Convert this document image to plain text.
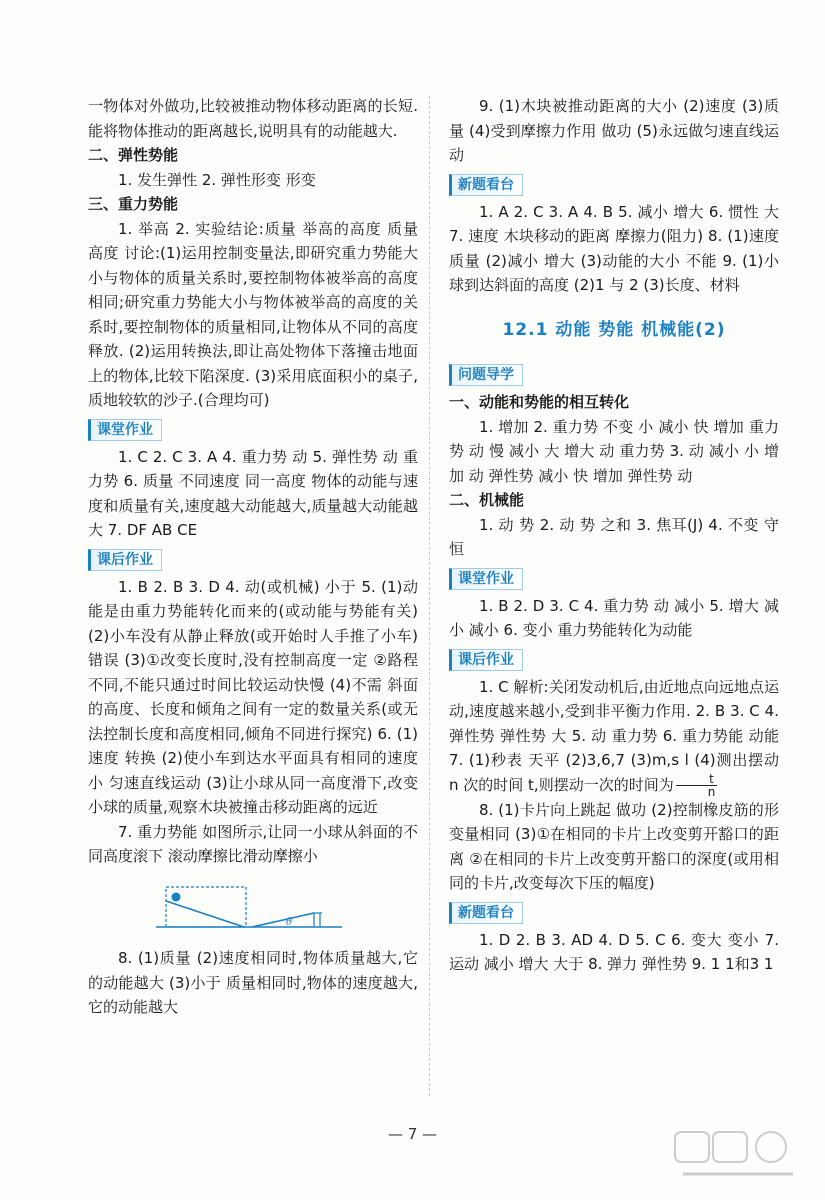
一物体对外做功,比较被推动物体移动距离的长短.能将物体推动的距离越长,说明具有的动能越大.

二、弹性势能

1. 发生弹性 2. 弹性形变 形变

三、重力势能

1. 举高 2. 实验结论:质量 举高的高度 质量 高度 讨论:(1)运用控制变量法,即研究重力势能大小与物体的质量关系时,要控制物体被举高的高度相同;研究重力势能大小与物体被举高的高度的关系时,要控制物体的质量相同,让物体从不同的高度释放. (2)运用转换法,即让高处物体下落撞击地面上的物体,比较下陷深度. (3)采用底面积小的桌子,质地较软的沙子.(合理均可)

课堂作业

1. C 2. C 3. A 4. 重力势 动 5. 弹性势 动 重力势 6. 质量 不同速度 同一高度 物体的动能与速度和质量有关,速度越大动能越大,质量越大动能越大 7. DF AB CE

课后作业

1. B 2. B 3. D 4. 动(或机械) 小于 5. (1)动能是由重力势能转化而来的(或动能与势能有关) (2)小车没有从静止释放(或开始时人手推了小车) 错误 (3)①改变长度时,没有控制高度一定 ②路程不同,不能只通过时间比较运动快慢 (4)不需 斜面的高度、长度和倾角之间有一定的数量关系(或无法控制长度和高度相同,倾角不同进行探究) 6. (1)速度 转换 (2)使小车到达水平面具有相同的速度 小 匀速直线运动 (3)让小球从同一高度滑下,改变小球的质量,观察木块被撞击移动距离的远近

7. 重力势能 如图所示,让同一小球从斜面的不同高度滚下 滚动摩擦比滑动摩擦小

θ

8. (1)质量 (2)速度相同时,物体质量越大,它的动能越大 (3)小于 质量相同时,物体的速度越大,它的动能越大

9. (1)木块被推动距离的大小 (2)速度 (3)质量 (4)受到摩擦力作用 做功 (5)永远做匀速直线运动

新题看台

1. A 2. C 3. A 4. B 5. 减小 增大 6. 惯性 大 7. 速度 木块移动的距离 摩擦力(阻力) 8. (1)速度 质量 (2)减小 增大 (3)动能的大小 不能 9. (1)小球到达斜面的高度 (2)1 与 2 (3)长度、材料

12.1 动能 势能 机械能(2)
问题导学

一、动能和势能的相互转化

1. 增加 2. 重力势 不变 小 减小 快 增加 重力势 动 慢 减小 大 增大 动 重力势 3. 动 减小 小 增加 动 弹性势 减小 快 增加 弹性势 动

二、机械能

1. 动 势 2. 动 势 之和 3. 焦耳(J) 4. 不变 守恒

课堂作业

1. B 2. D 3. C 4. 重力势 动 减小 5. 增大 减小 减小 6. 变小 重力势能转化为动能

课后作业

1. C 解析:关闭发动机后,由近地点向远地点运动,速度越来越小,受到非平衡力作用. 2. B 3. C 4. 弹性势 弹性势 大 5. 动 重力势 6. 重力势能 动能 7. (1)秒表 天平 (2)3,6,7 (3)m,s l (4)测出摆动 n 次的时间 t,则摆动一次的时间为 $\frac{t}{n}$

8. (1)卡片向上跳起 做功 (2)控制橡皮筋的形变量相同 (3)①在相同的卡片上改变剪开豁口的距离 ②在相同的卡片上改变剪开豁口的深度(或用相同的卡片,改变每次下压的幅度)

新题看台

1. D 2. B 3. AD 4. D 5. C 6. 变大 变小 7. 运动 减小 增大 大于 8. 弹力 弹性势 9. 1 1和3 1

— 7 —
